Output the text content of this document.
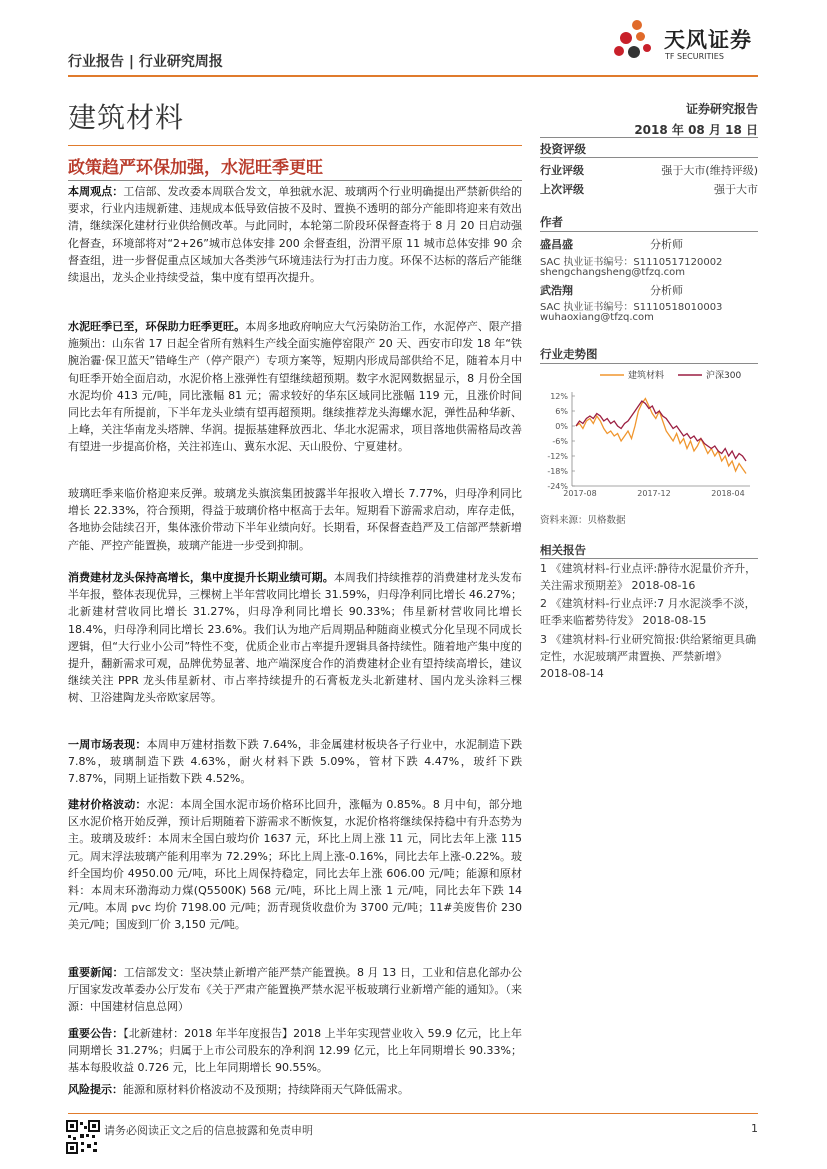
行业报告 | 行业研究周报
天风证券
TF SECURITIES
建筑材料	证券研究报告
2018 年 08 月 18 日
政策趋严环保加强，水泥旺季更旺
本周观点：工信部、发改委本周联合发文，单独就水泥、玻璃两个行业明确提出严禁新供给的要求，行业内违规新建、违规成本低导致信披不及时、置换不透明的部分产能即将迎来有效出清，继续深化建材行业供给侧改革。与此同时，本轮第二阶段环保督查将于 8 月 20 日启动强化督查，环境部将对“2+26”城市总体安排 200 余督查组，汾渭平原 11 城市总体安排 90 余督查组，进一步督促重点区域加大各类涉气环境违法行为打击力度。环保不达标的落后产能继续退出，龙头企业持续受益，集中度有望再次提升。
水泥旺季已至，环保助力旺季更旺。本周多地政府响应大气污染防治工作，水泥停产、限产措施频出：山东省 17 日起全省所有熟料生产线全面实施停窑限产 20 天、西安市印发 18 年“铁腕治霾·保卫蓝天”错峰生产（停产限产）专项方案等，短期内形成局部供给不足，随着本月中旬旺季开始全面启动，水泥价格上涨弹性有望继续超预期。数字水泥网数据显示，8 月份全国水泥均价 413 元/吨，同比涨幅 81 元；需求较好的华东区域同比涨幅 119 元，且涨价时间同比去年有所提前，下半年龙头业绩有望再超预期。继续推荐龙头海螺水泥，弹性品种华新、上峰，关注华南龙头塔牌、华润。提振基建释放西北、华北水泥需求，项目落地供需格局改善有望进一步提高价格，关注祁连山、冀东水泥、天山股份、宁夏建材。
玻璃旺季来临价格迎来反弹。玻璃龙头旗滨集团披露半年报收入增长 7.77%，归母净利同比增长 22.33%，符合预期，得益于玻璃价格中枢高于去年。短期看下游需求启动，库存走低，各地协会陆续召开，集体涨价带动下半年业绩向好。长期看，环保督查趋严及工信部严禁新增产能、严控产能置换，玻璃产能进一步受到抑制。
消费建材龙头保持高增长，集中度提升长期业绩可期。本周我们持续推荐的消费建材龙头发布半年报，整体表现优异，三棵树上半年营收同比增长 31.59%，归母净利同比增长 46.27%；北新建材营收同比增长 31.27%，归母净利同比增长 90.33%；伟星新材营收同比增长 18.4%，归母净利同比增长 23.6%。我们认为地产后周期品种随商业模式分化呈现不同成长逻辑，但“大行业小公司”特性不变，优质企业市占率提升逻辑具备持续性。随着地产集中度的提升，翻新需求可观，品牌优势显著、地产端深度合作的消费建材企业有望持续高增长，建议继续关注 PPR 龙头伟星新材、市占率持续提升的石膏板龙头北新建材、国内龙头涂料三棵树、卫浴建陶龙头帝欧家居等。
一周市场表现：本周申万建材指数下跌 7.64%，非金属建材板块各子行业中，水泥制造下跌 7.8%，玻璃制造下跌 4.63%，耐火材料下跌 5.09%，管材下跌 4.47%，玻纤下跌 7.87%，同期上证指数下跌 4.52%。
建材价格波动：水泥：本周全国水泥市场价格环比回升，涨幅为 0.85%。8 月中旬，部分地区水泥价格开始反弹，预计后期随着下游需求不断恢复，水泥价格将继续保持稳中有升态势为主。玻璃及玻纤：本周末全国白玻均价 1637 元，环比上周上涨 11 元，同比去年上涨 115 元。周末浮法玻璃产能利用率为 72.29%；环比上周上涨-0.16%，同比去年上涨-0.22%。玻纤全国均价 4950.00 元/吨，环比上周保持稳定，同比去年上涨 606.00 元/吨；能源和原材料：本周末环渤海动力煤(Q5500K) 568 元/吨，环比上周上涨 1 元/吨，同比去年下跌 14 元/吨。本周 pvc 均价 7198.00 元/吨；沥青现货收盘价为 3700 元/吨；11#美废售价 230 美元/吨；国废到厂价 3,150 元/吨。
重要新闻：工信部发文：坚决禁止新增产能严禁产能置换。8 月 13 日，工业和信息化部办公厅国家发改革委办公厅发布《关于严肃产能置换严禁水泥平板玻璃行业新增产能的通知》。（来源：中国建材信息总网）
重要公告：【北新建材：2018 年半年度报告】2018 上半年实现营业收入 59.9 亿元，比上年同期增长 31.27%；归属于上市公司股东的净利润 12.99 亿元，比上年同期增长 90.33%；基本每股收益 0.726 元，比上年同期增长 90.55%。
风险提示：能源和原材料价格波动不及预期；持续降雨天气降低需求。
投资评级
行业评级	强于大市(维持评级)
上次评级	强于大市
作者
盛昌盛	分析师
SAC 执业证书编号：S1110517120002
shengchangsheng@tfzq.com
武浩翔	分析师
SAC 执业证书编号：S1110518010003
wuhaoxiang@tfzq.com
行业走势图
建筑材料	沪深300
12%
6%
0%
-6%
-12%
-18%
-24%
2017-08	2017-12	2018-04
资料来源：贝格数据
相关报告
1 《建筑材料-行业点评:静待水泥量价齐升，关注需求预期差》 2018-08-16
2 《建筑材料-行业点评:7 月水泥淡季不淡，旺季来临蓄势待发》 2018-08-15
3 《建筑材料-行业研究简报:供给紧缩更具确定性，水泥玻璃严肃置换、严禁新增》 2018-08-14
请务必阅读正文之后的信息披露和免责申明	1
